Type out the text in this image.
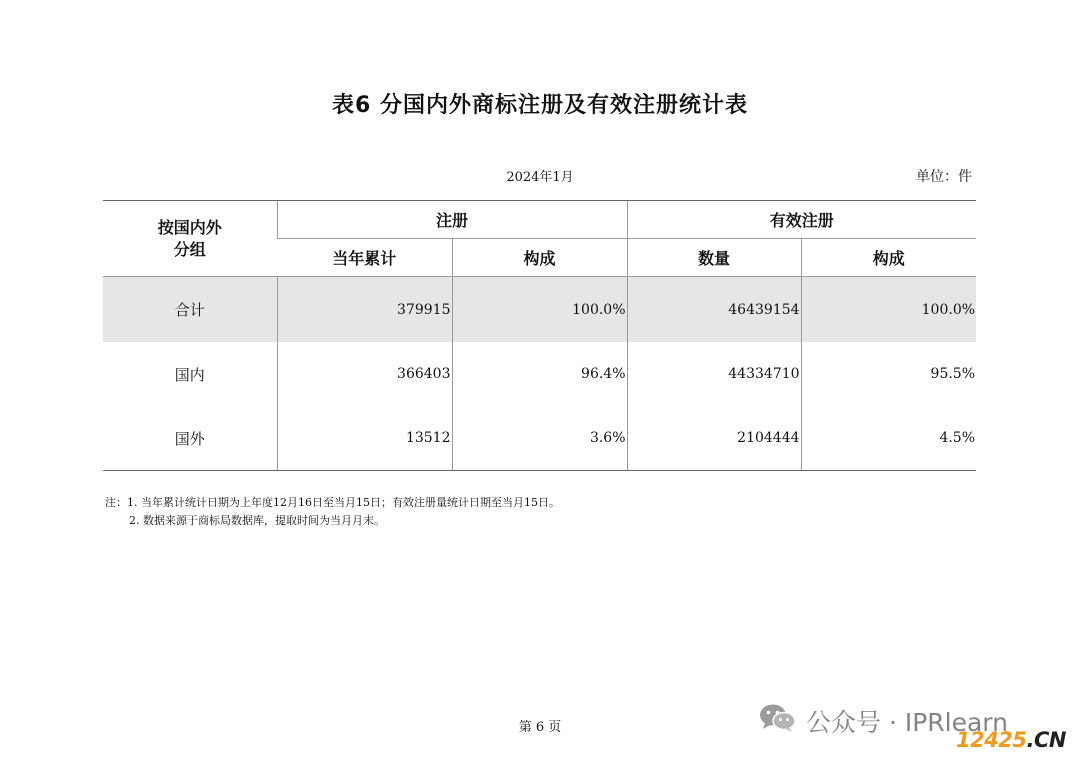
表6 分国内外商标注册及有效注册统计表
2024年1月	单位：件
按国内外
分组	注册		有效注册	
	当年累计	构成	数量	构成
合计	379915	100.0%	46439154	100.0%
国内	366403	96.4%	44334710	95.5%
国外	13512	3.6%	2104444	4.5%
注：1. 当年累计统计日期为上年度12月16日至当月15日；有效注册量统计日期至当月15日。
2. 数据来源于商标局数据库，提取时间为当月月末。
第 6 页	公众号 · IPRlearn
12425.CN
